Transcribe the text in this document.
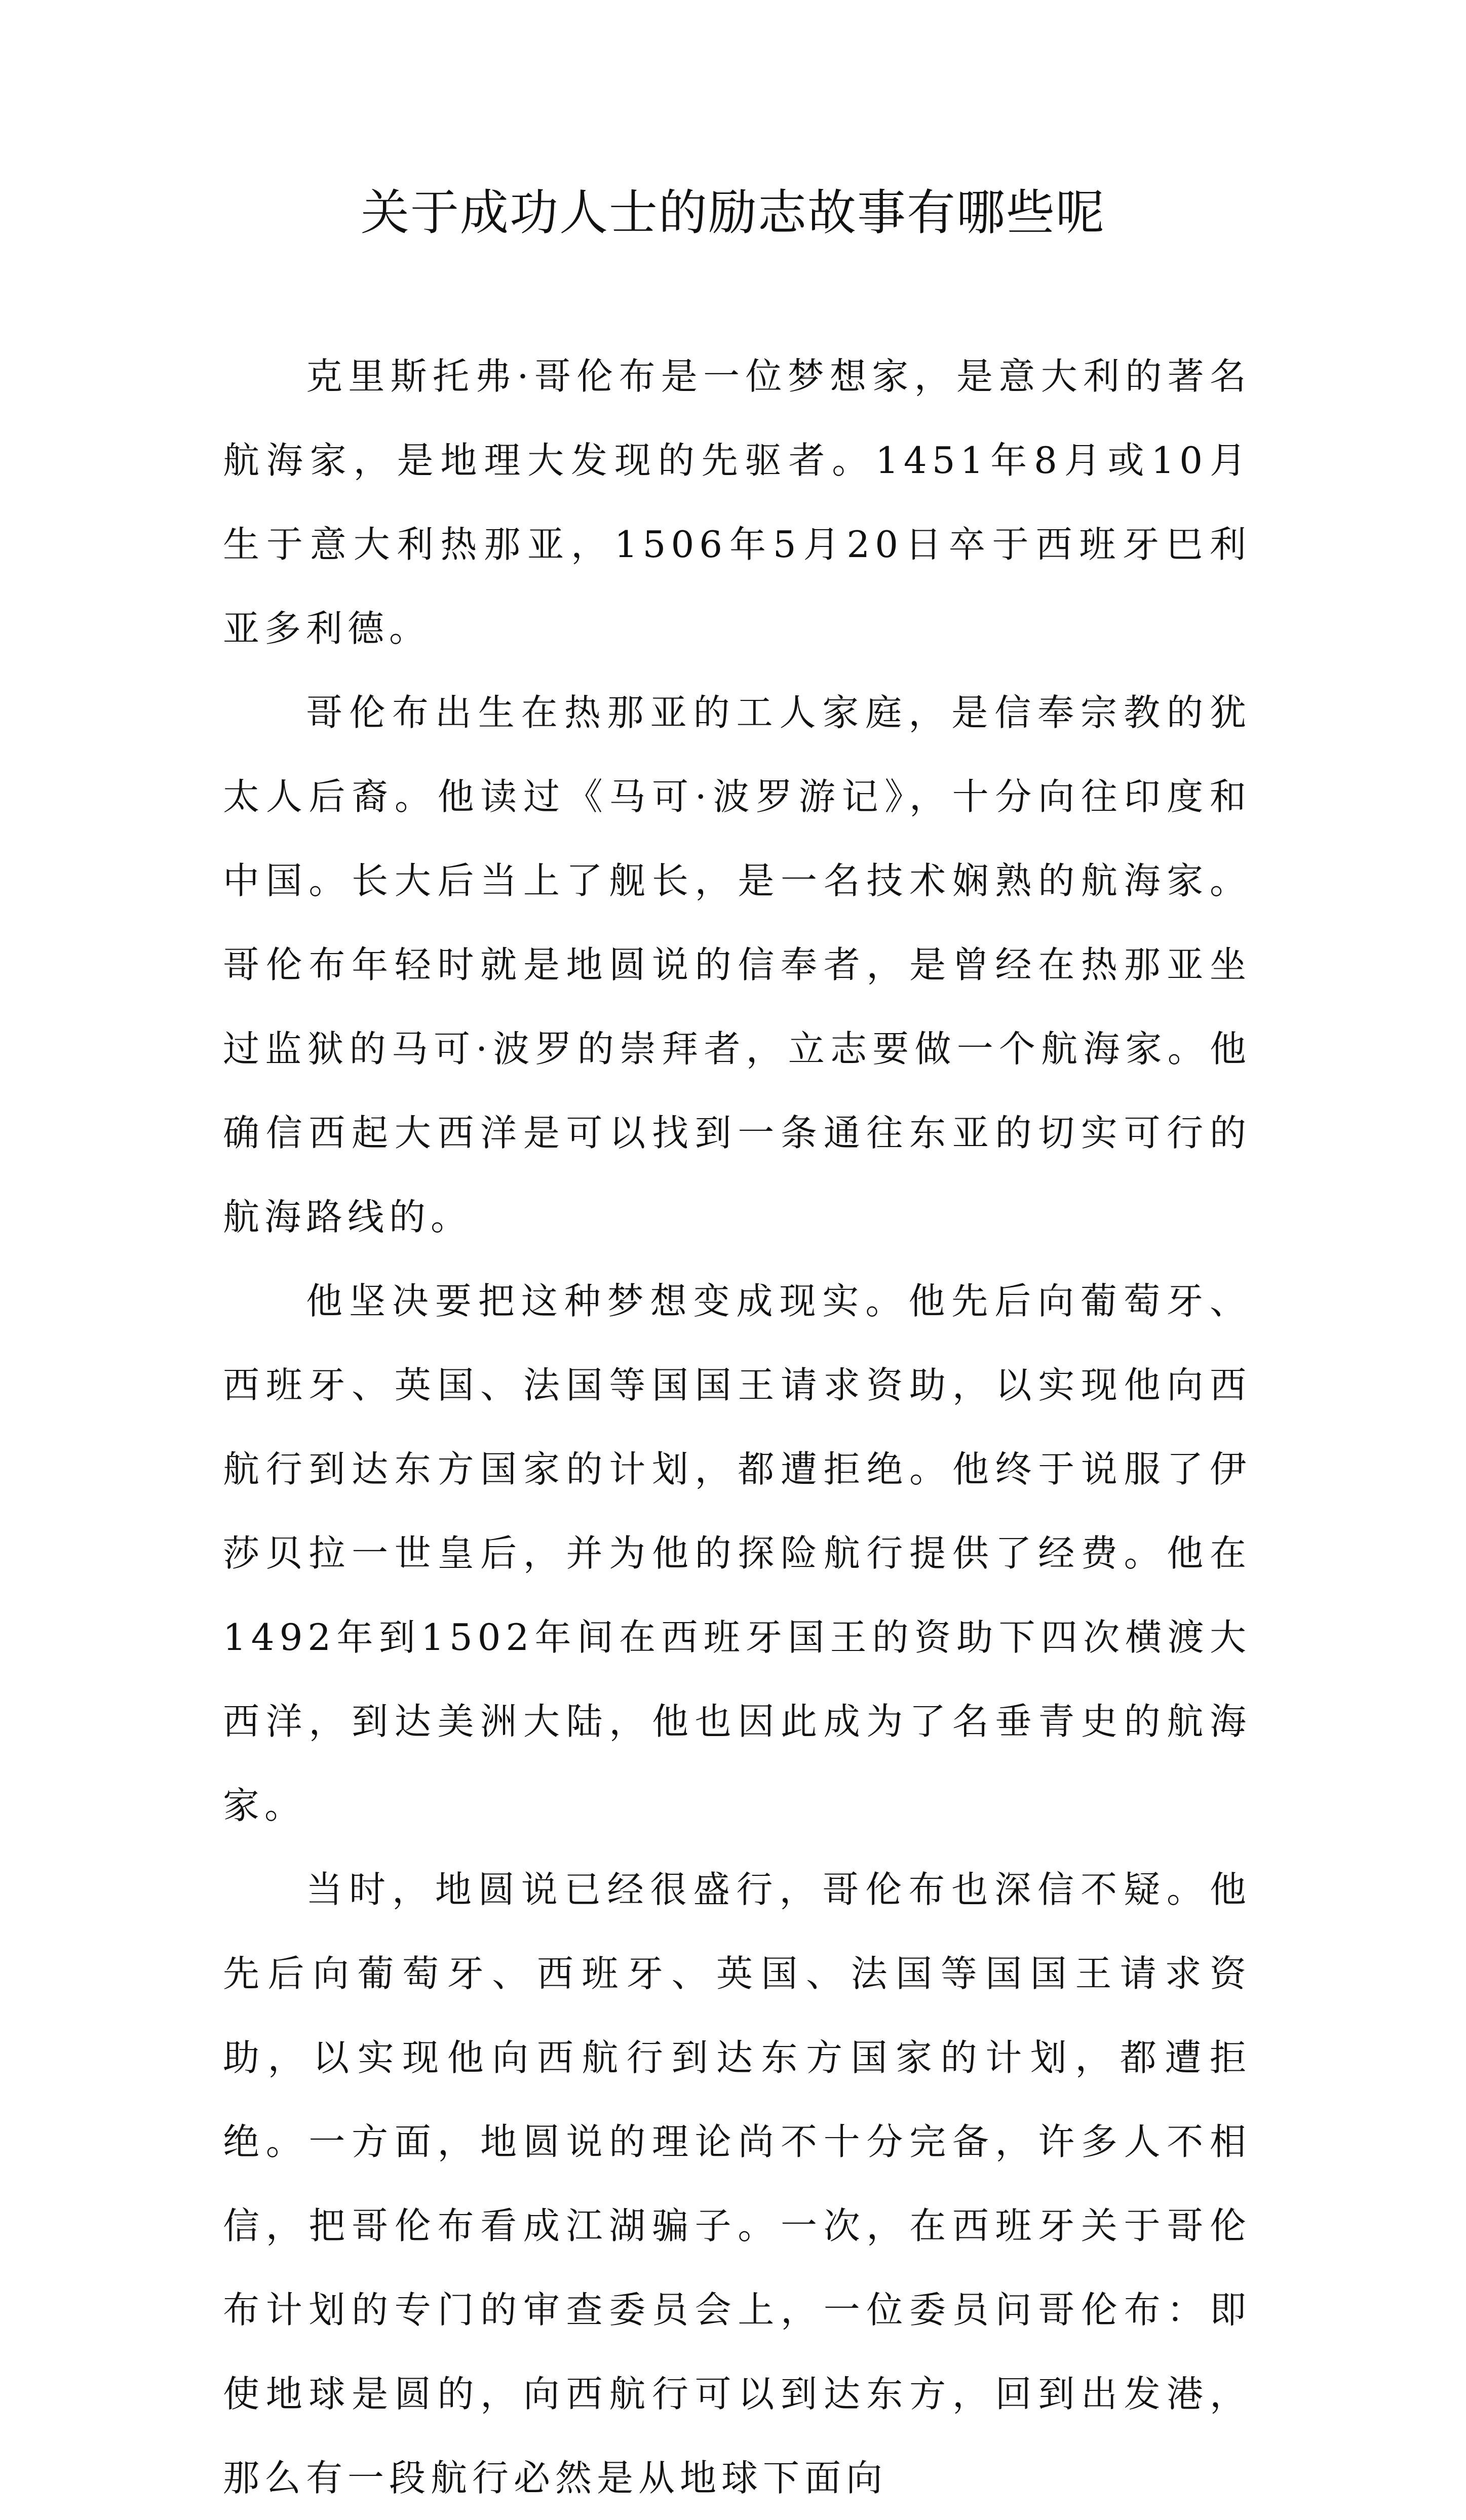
关于成功人士的励志故事有哪些呢

克里斯托弗·哥伦布是一位梦想家，是意大利的著名航海家，是地理大发现的先驱者。1451年8月或10月生于意大利热那亚，1506年5月20日卒于西班牙巴利亚多利德。

哥伦布出生在热那亚的工人家庭，是信奉宗教的犹太人后裔。他读过《马可·波罗游记》，十分向往印度和中国。长大后当上了舰长，是一名技术娴熟的航海家。哥伦布年轻时就是地圆说的信奉者，是曾经在热那亚坐过监狱的马可·波罗的崇拜者，立志要做一个航海家。他确信西起大西洋是可以找到一条通往东亚的切实可行的航海路线的。

他坚决要把这种梦想变成现实。他先后向葡萄牙、西班牙、英国、法国等国国王请求资助，以实现他向西航行到达东方国家的计划，都遭拒绝。他终于说服了伊莎贝拉一世皇后，并为他的探险航行提供了经费。他在1492年到1502年间在西班牙国王的资助下四次横渡大西洋，到达美洲大陆，他也因此成为了名垂青史的航海家。

当时，地圆说已经很盛行，哥伦布也深信不疑。他先后向葡萄牙、西班牙、英国、法国等国国王请求资助，以实现他向西航行到达东方国家的计划，都遭拒绝。一方面，地圆说的理论尚不十分完备，许多人不相信，把哥伦布看成江湖骗子。一次，在西班牙关于哥伦布计划的专门的审查委员会上，一位委员问哥伦布：即使地球是圆的，向西航行可以到达东方，回到出发港，那么有一段航行必然是从地球下面向
